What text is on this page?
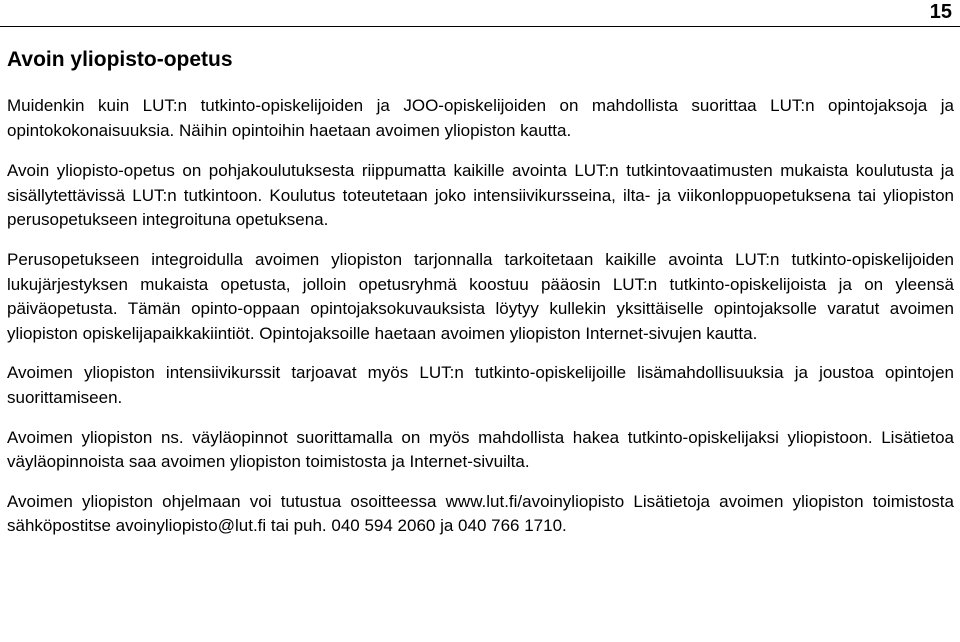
15
Avoin yliopisto-opetus

Muidenkin kuin LUT:n tutkinto-opiskelijoiden ja JOO-opiskelijoiden on mahdollista suorittaa LUT:n opintojaksoja ja opintokokonaisuuksia. Näihin opintoihin haetaan avoimen yliopiston kautta.

Avoin yliopisto-opetus on pohjakoulutuksesta riippumatta kaikille avointa LUT:n tutkintovaatimusten mukaista koulutusta ja sisällytettävissä LUT:n tutkintoon. Koulutus toteutetaan joko intensiivikursseina, ilta- ja viikonloppuopetuksena tai yliopiston perusopetukseen integroituna opetuksena.

Perusopetukseen integroidulla avoimen yliopiston tarjonnalla tarkoitetaan kaikille avointa LUT:n tutkinto-opiskelijoiden lukujärjestyksen mukaista opetusta, jolloin opetusryhmä koostuu pääosin LUT:n tutkinto-opiskelijoista ja on yleensä päiväopetusta. Tämän opinto-oppaan opintojaksokuvauksista löytyy kullekin yksittäiselle opintojaksolle varatut avoimen yliopiston opiskelijapaikkakiintiöt. Opintojaksoille haetaan avoimen yliopiston Internet-sivujen kautta.

Avoimen yliopiston intensiivikurssit tarjoavat myös LUT:n tutkinto-opiskelijoille lisämahdollisuuksia ja joustoa opintojen suorittamiseen.

Avoimen yliopiston ns. väyläopinnot suorittamalla on myös mahdollista hakea tutkinto-opiskelijaksi yliopistoon. Lisätietoa väyläopinnoista saa avoimen yliopiston toimistosta ja Internet-sivuilta.

Avoimen yliopiston ohjelmaan voi tutustua osoitteessa www.lut.fi/avoinyliopisto Lisätietoja avoimen yliopiston toimistosta sähköpostitse avoinyliopisto@lut.fi tai puh. 040 594 2060 ja 040 766 1710.
